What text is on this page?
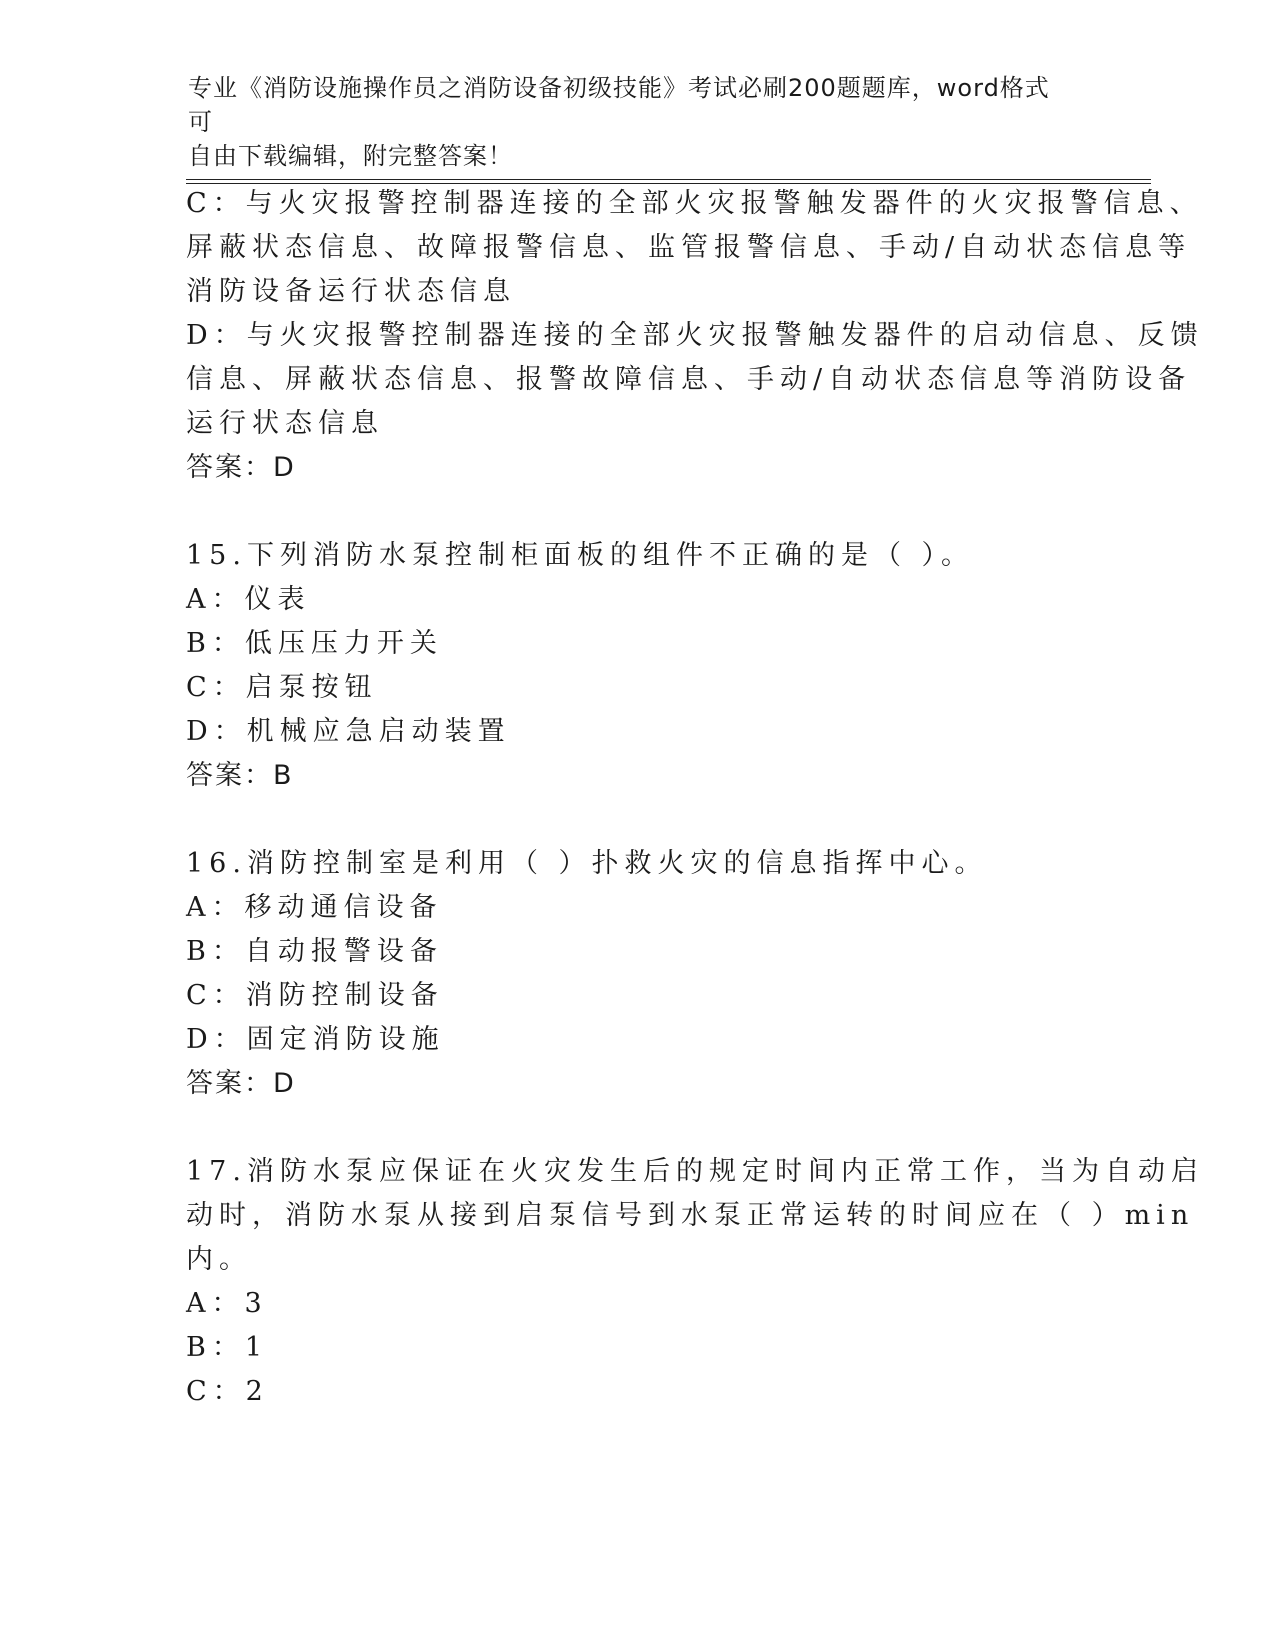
专业《消防设施操作员之消防设备初级技能》考试必刷200题题库，word格式可
自由下载编辑，附完整答案！
C：与火灾报警控制器连接的全部火灾报警触发器件的火灾报警信息、
屏蔽状态信息、故障报警信息、监管报警信息、手动/自动状态信息等
消防设备运行状态信息
D：与火灾报警控制器连接的全部火灾报警触发器件的启动信息、反馈
信息、屏蔽状态信息、报警故障信息、手动/自动状态信息等消防设备
运行状态信息
答案：D
15.下列消防水泵控制柜面板的组件不正确的是（ ）。
A：仪表
B：低压压力开关
C：启泵按钮
D：机械应急启动装置
答案：B
16.消防控制室是利用（ ）扑救火灾的信息指挥中心。
A：移动通信设备
B：自动报警设备
C：消防控制设备
D：固定消防设施
答案：D
17.消防水泵应保证在火灾发生后的规定时间内正常工作，当为自动启
动时，消防水泵从接到启泵信号到水泵正常运转的时间应在（ ）min
内。
A：3
B：1
C：2
